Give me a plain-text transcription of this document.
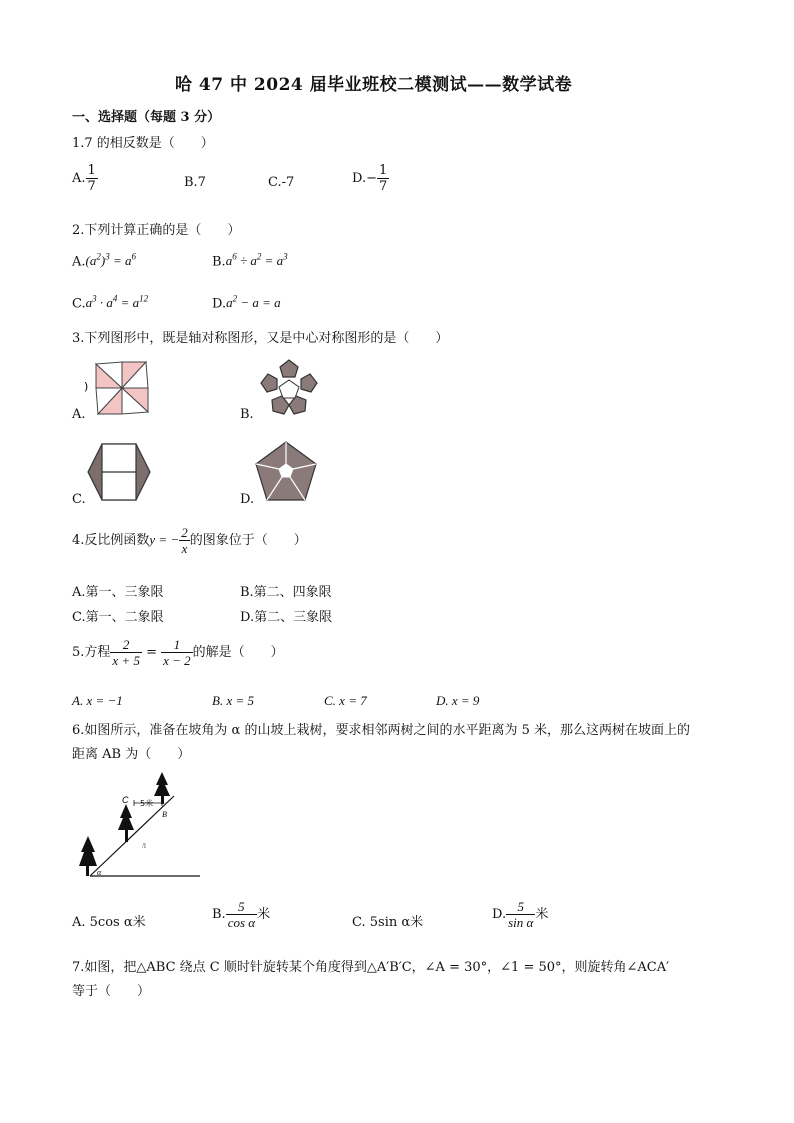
哈 47 中 2024 届毕业班校二模测试——数学试卷
一、选择题（每题 3 分）
1.7 的相反数是（　　）
A. $\frac{1}{7}$	B.7	C.-7	$D.- \frac{1}{7}$
2.下列计算正确的是（　　）
$A.(a^2)^3 = a^6$	$B.a^6 \div a^2 = a^3$
$C.a^3 \cdot a^4 = a^{12}$	$D.a^2 - a = a$
3.下列图形中，既是轴对称图形，又是中心对称图形的是（　　）
)
A.	B.
C.	D.
4.反比例函数y = − $\frac{2}{x}$ 的图象位于（　　）
A.第一、三象限	B.第二、四象限
C.第一、二象限	D.第二、三象限
5.方程 $\frac{2}{x + 5} = \frac{1}{x - 2}$ 的解是（　　）
A. x = −1	B. x = 5	C. x = 7	D. x = 9
6.如图所示，准备在坡角为 α 的山坡上栽树，要求相邻两树之间的水平距离为 5 米，那么这两树在坡面上的
距离 AB 为（　　）
C 5米
B
α
/l
A. 5cos α米
B. $\frac{5}{\text{cos α}}$ 米
C. 5sin α米
D. $\frac{5}{\text{sin α}}$ 米
7.如图，把△ABC 绕点 C 顺时针旋转某个角度得到△A′B′C，∠A = 30°，∠1 = 50°，则旋转角∠ACA′
等于（　　）
